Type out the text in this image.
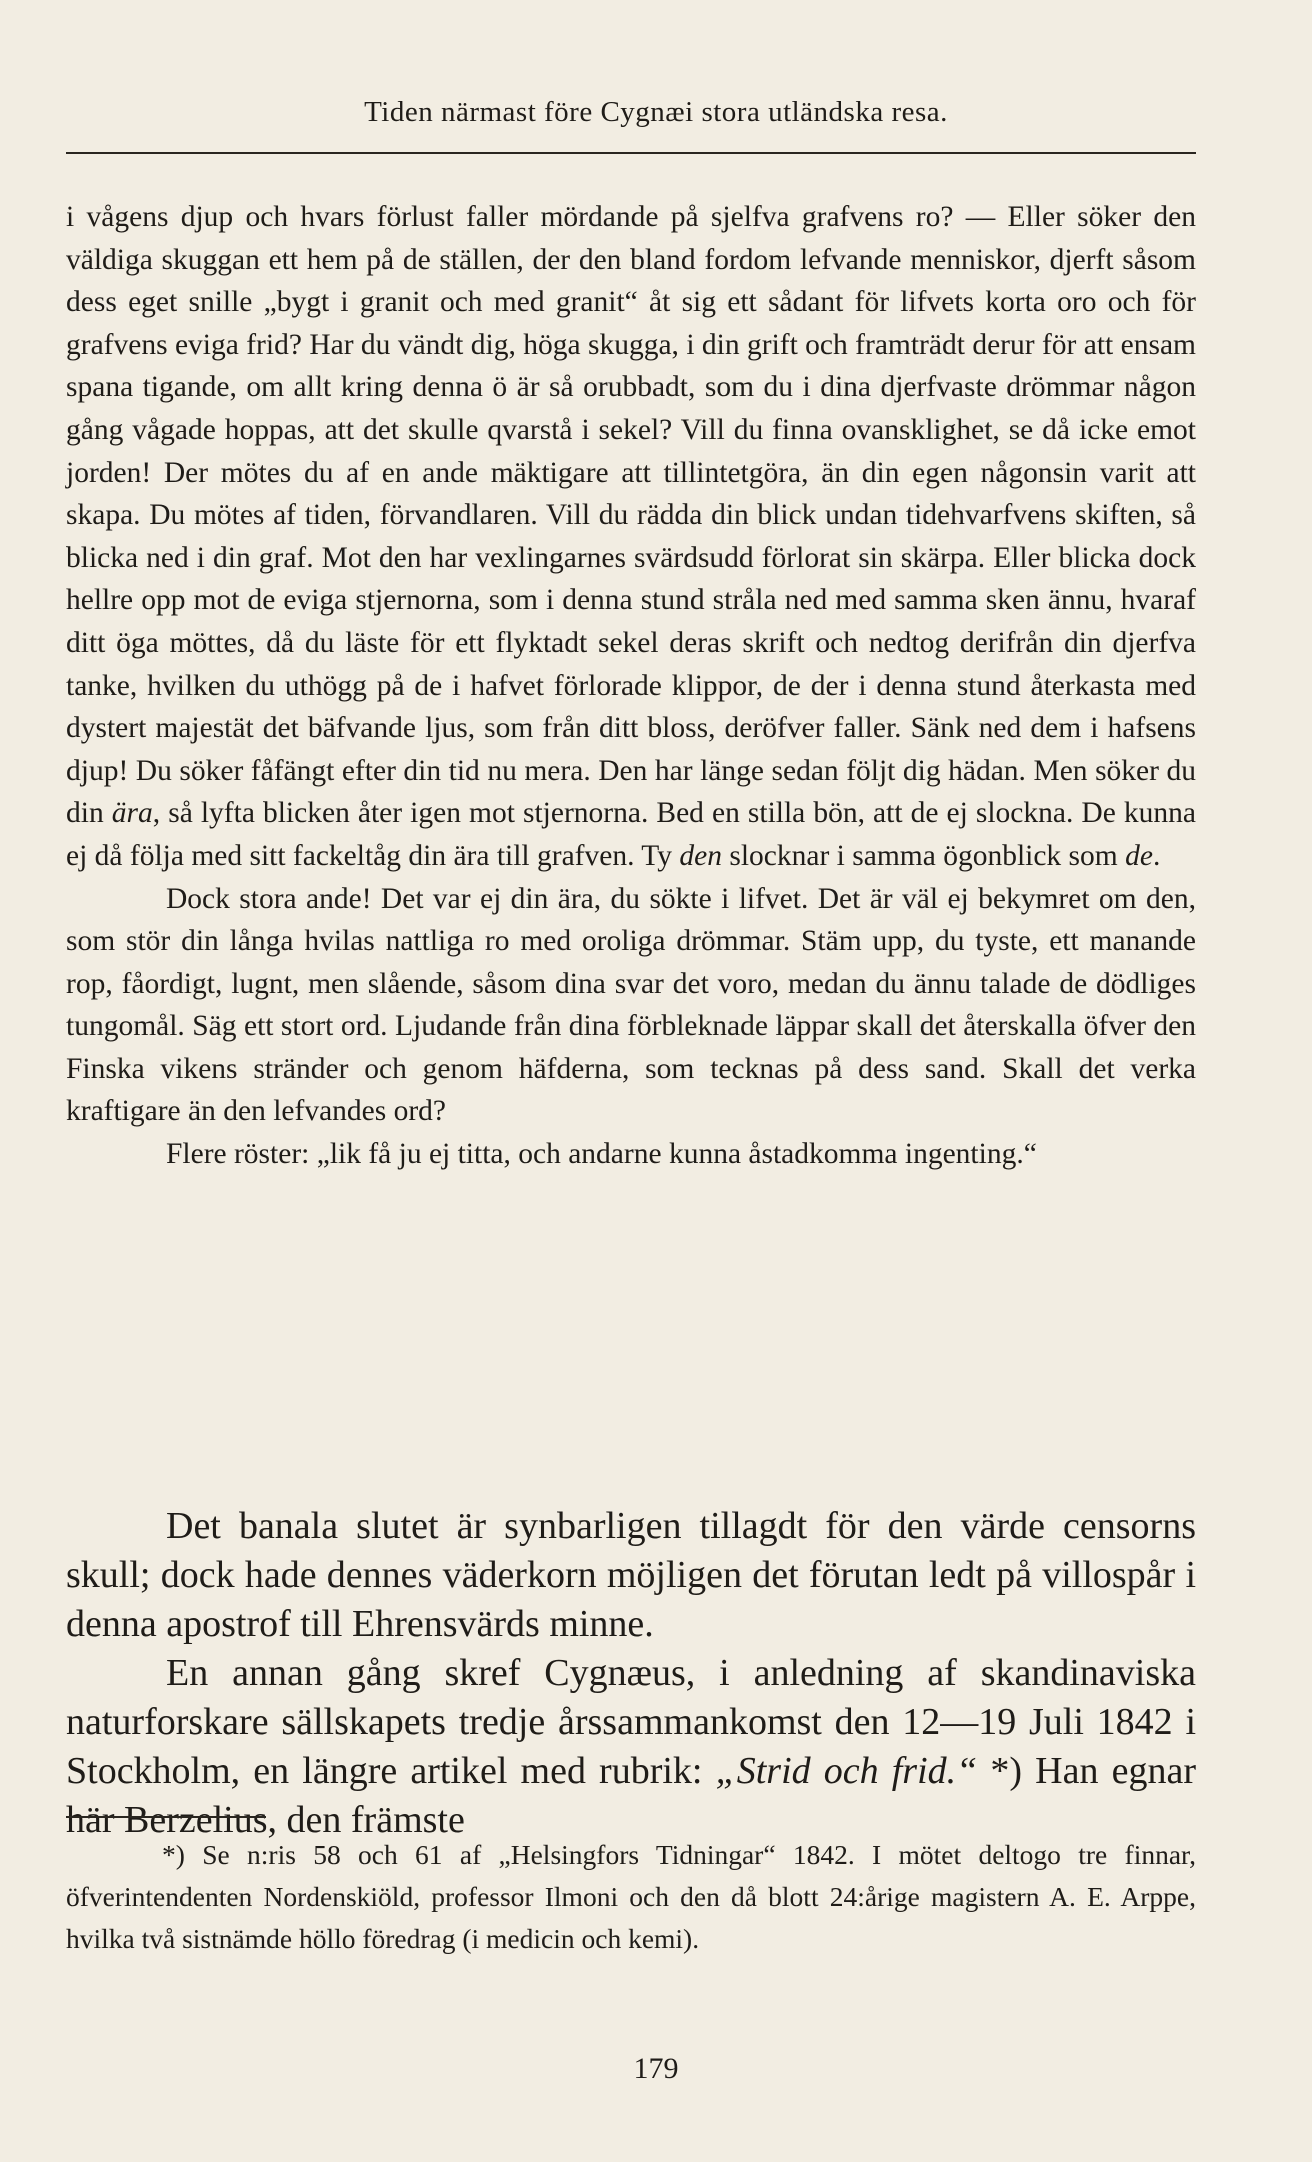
Tiden närmast före Cygnæi stora utländska resa.

i vågens djup och hvars förlust faller mördande på sjelfva grafvens ro? — Eller söker den väldiga skuggan ett hem på de ställen, der den bland fordom lefvande menniskor, djerft såsom dess eget snille „bygt i granit och med granit“ åt sig ett sådant för lifvets korta oro och för grafvens eviga frid? Har du vändt dig, höga skugga, i din grift och framträdt derur för att ensam spana tigande, om allt kring denna ö är så orubbadt, som du i dina djerfvaste drömmar någon gång vågade hoppas, att det skulle qvarstå i sekel? Vill du finna ovansklighet, se då icke emot jorden! Der mötes du af en ande mäktigare att tillintetgöra, än din egen någonsin varit att skapa. Du mötes af tiden, förvandlaren. Vill du rädda din blick undan tidehvarfvens skiften, så blicka ned i din graf. Mot den har vexlingarnes svärdsudd förlorat sin skärpa. Eller blicka dock hellre opp mot de eviga stjernorna, som i denna stund stråla ned med samma sken ännu, hvaraf ditt öga möttes, då du läste för ett flyktadt sekel deras skrift och nedtog derifrån din djerfva tanke, hvilken du uthögg på de i hafvet förlorade klippor, de der i denna stund återkasta med dystert majestät det bäfvande ljus, som från ditt bloss, deröfver faller. Sänk ned dem i hafsens djup! Du söker fåfängt efter din tid nu mera. Den har länge sedan följt dig hädan. Men söker du din ära, så lyfta blicken åter igen mot stjernorna. Bed en stilla bön, att de ej slockna. De kunna ej då följa med sitt fackeltåg din ära till grafven. Ty den slocknar i samma ögonblick som de.

Dock stora ande! Det var ej din ära, du sökte i lifvet. Det är väl ej bekymret om den, som stör din långa hvilas nattliga ro med oroliga drömmar. Stäm upp, du tyste, ett manande rop, fåordigt, lugnt, men slående, såsom dina svar det voro, medan du ännu talade de dödliges tungomål. Säg ett stort ord. Ljudande från dina förbleknade läppar skall det återskalla öfver den Finska vikens stränder och genom häfderna, som tecknas på dess sand. Skall det verka kraftigare än den lefvandes ord?

Flere röster: „lik få ju ej titta, och andarne kunna åstadkomma ingenting.“

Det banala slutet är synbarligen tillagdt för den värde censorns skull; dock hade dennes väderkorn möjligen det förutan ledt på villospår i denna apostrof till Ehrensvärds minne.

En annan gång skref Cygnæus, i anledning af skandinaviska naturforskare sällskapets tredje årssammankomst den 12—19 Juli 1842 i Stockholm, en längre artikel med rubrik: „Strid och frid.“ *) Han egnar här Berzelius, den främste

*) Se n:ris 58 och 61 af „Helsingfors Tidningar“ 1842. I mötet deltogo tre finnar, öfverintendenten Nordenskiöld, professor Ilmoni och den då blott 24:årige magistern A. E. Arppe, hvilka två sistnämde höllo föredrag (i medicin och kemi).
179
